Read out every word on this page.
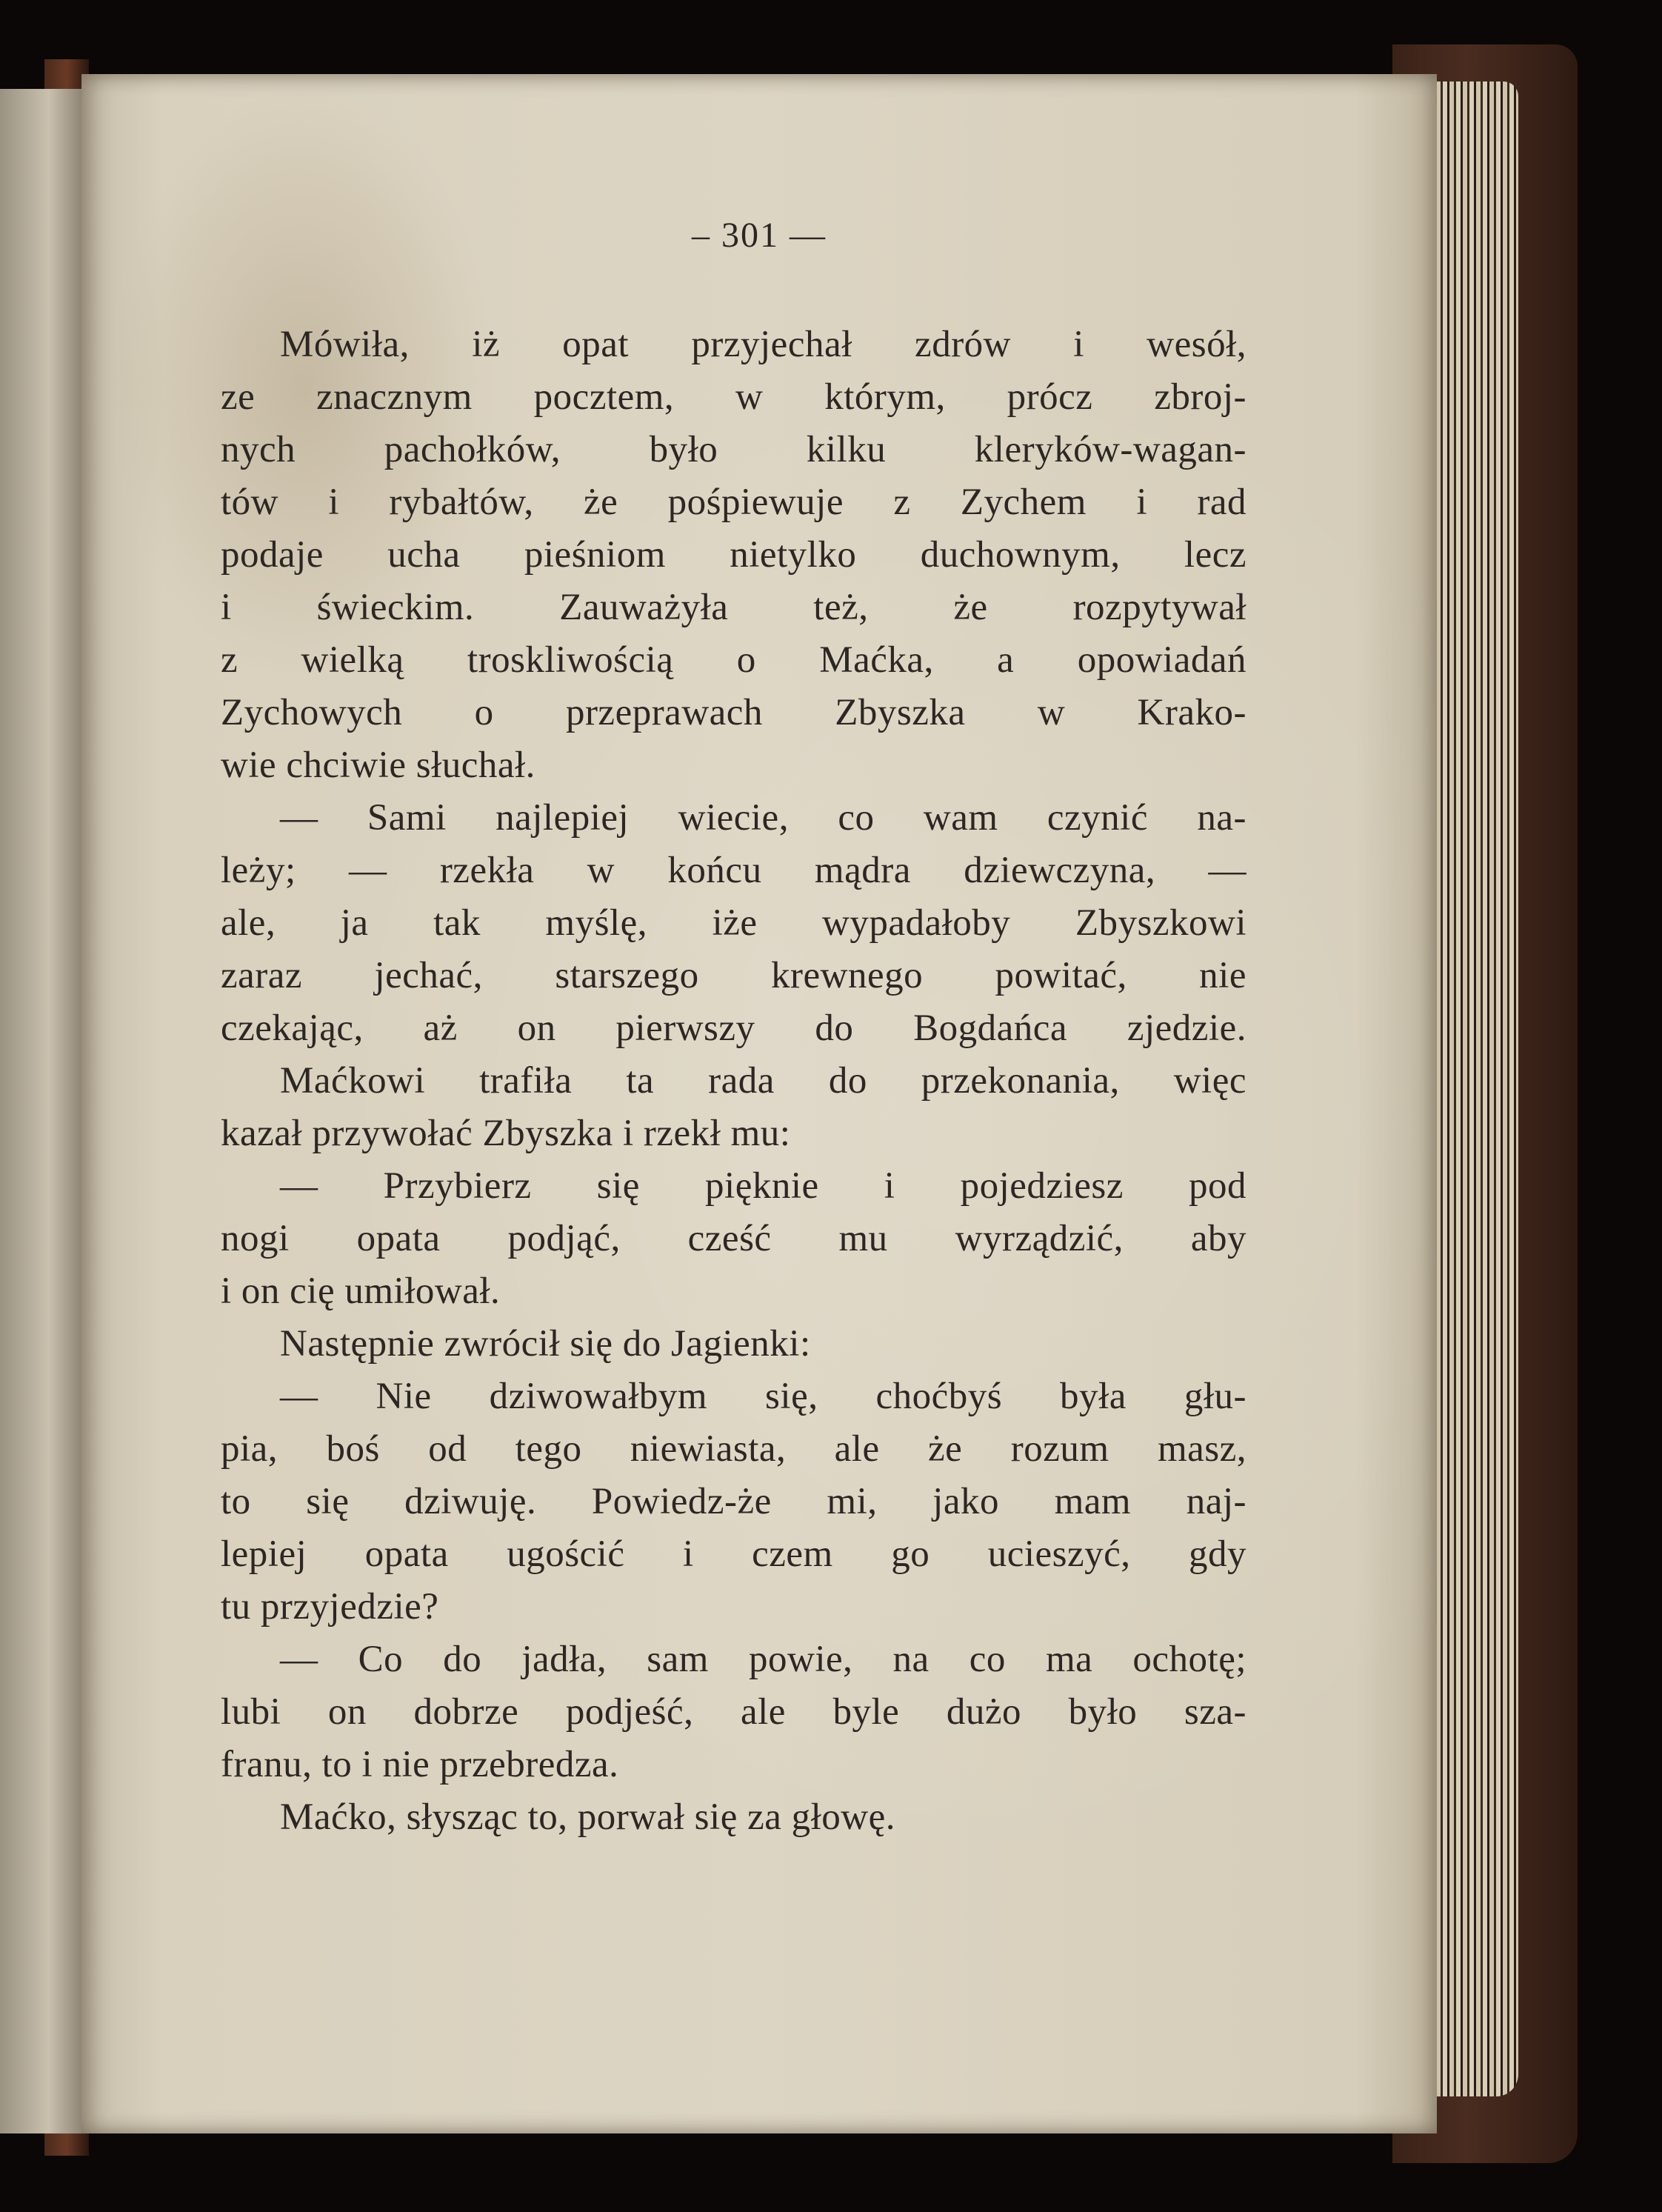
– 301 —
Mówiła, iż opat przyjechał zdrów i wesół,
ze znacznym pocztem, w którym, prócz zbroj-
nych pachołków, było kilku kleryków-wagan-
tów i rybałtów, że pośpiewuje z Zychem i rad
podaje ucha pieśniom nietylko duchownym, lecz
i świeckim. Zauważyła też, że rozpytywał
z wielką troskliwością o Maćka, a opowiadań
Zychowych o przeprawach Zbyszka w Krako-
wie chciwie słuchał.
— Sami najlepiej wiecie, co wam czynić na-
leży; — rzekła w końcu mądra dziewczyna, —
ale, ja tak myślę, iże wypadałoby Zbyszkowi
zaraz jechać, starszego krewnego powitać, nie
czekając, aż on pierwszy do Bogdańca zjedzie.
Maćkowi trafiła ta rada do przekonania, więc
kazał przywołać Zbyszka i rzekł mu:
— Przybierz się pięknie i pojedziesz pod
nogi opata podjąć, cześć mu wyrządzić, aby
i on cię umiłował.
Następnie zwrócił się do Jagienki:
— Nie dziwowałbym się, choćbyś była głu-
pia, boś od tego niewiasta, ale że rozum masz,
to się dziwuję. Powiedz-że mi, jako mam naj-
lepiej opata ugościć i czem go ucieszyć, gdy
tu przyjedzie?
— Co do jadła, sam powie, na co ma ochotę;
lubi on dobrze podjeść, ale byle dużo było sza-
franu, to i nie przebredza.
Maćko, słysząc to, porwał się za głowę.
